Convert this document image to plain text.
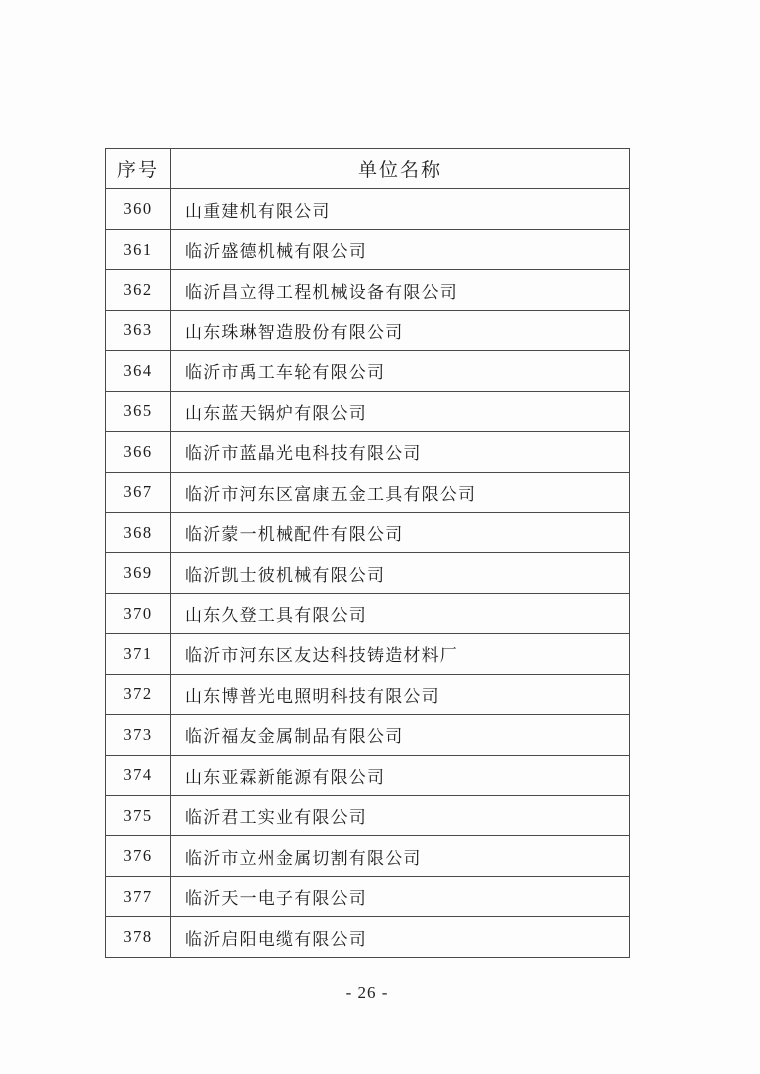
序号	单位名称
360	山重建机有限公司
361	临沂盛德机械有限公司
362	临沂昌立得工程机械设备有限公司
363	山东珠琳智造股份有限公司
364	临沂市禹工车轮有限公司
365	山东蓝天锅炉有限公司
366	临沂市蓝晶光电科技有限公司
367	临沂市河东区富康五金工具有限公司
368	临沂蒙一机械配件有限公司
369	临沂凯士彼机械有限公司
370	山东久登工具有限公司
371	临沂市河东区友达科技铸造材料厂
372	山东博普光电照明科技有限公司
373	临沂福友金属制品有限公司
374	山东亚霖新能源有限公司
375	临沂君工实业有限公司
376	临沂市立州金属切割有限公司
377	临沂天一电子有限公司
378	临沂启阳电缆有限公司
- 26 -
